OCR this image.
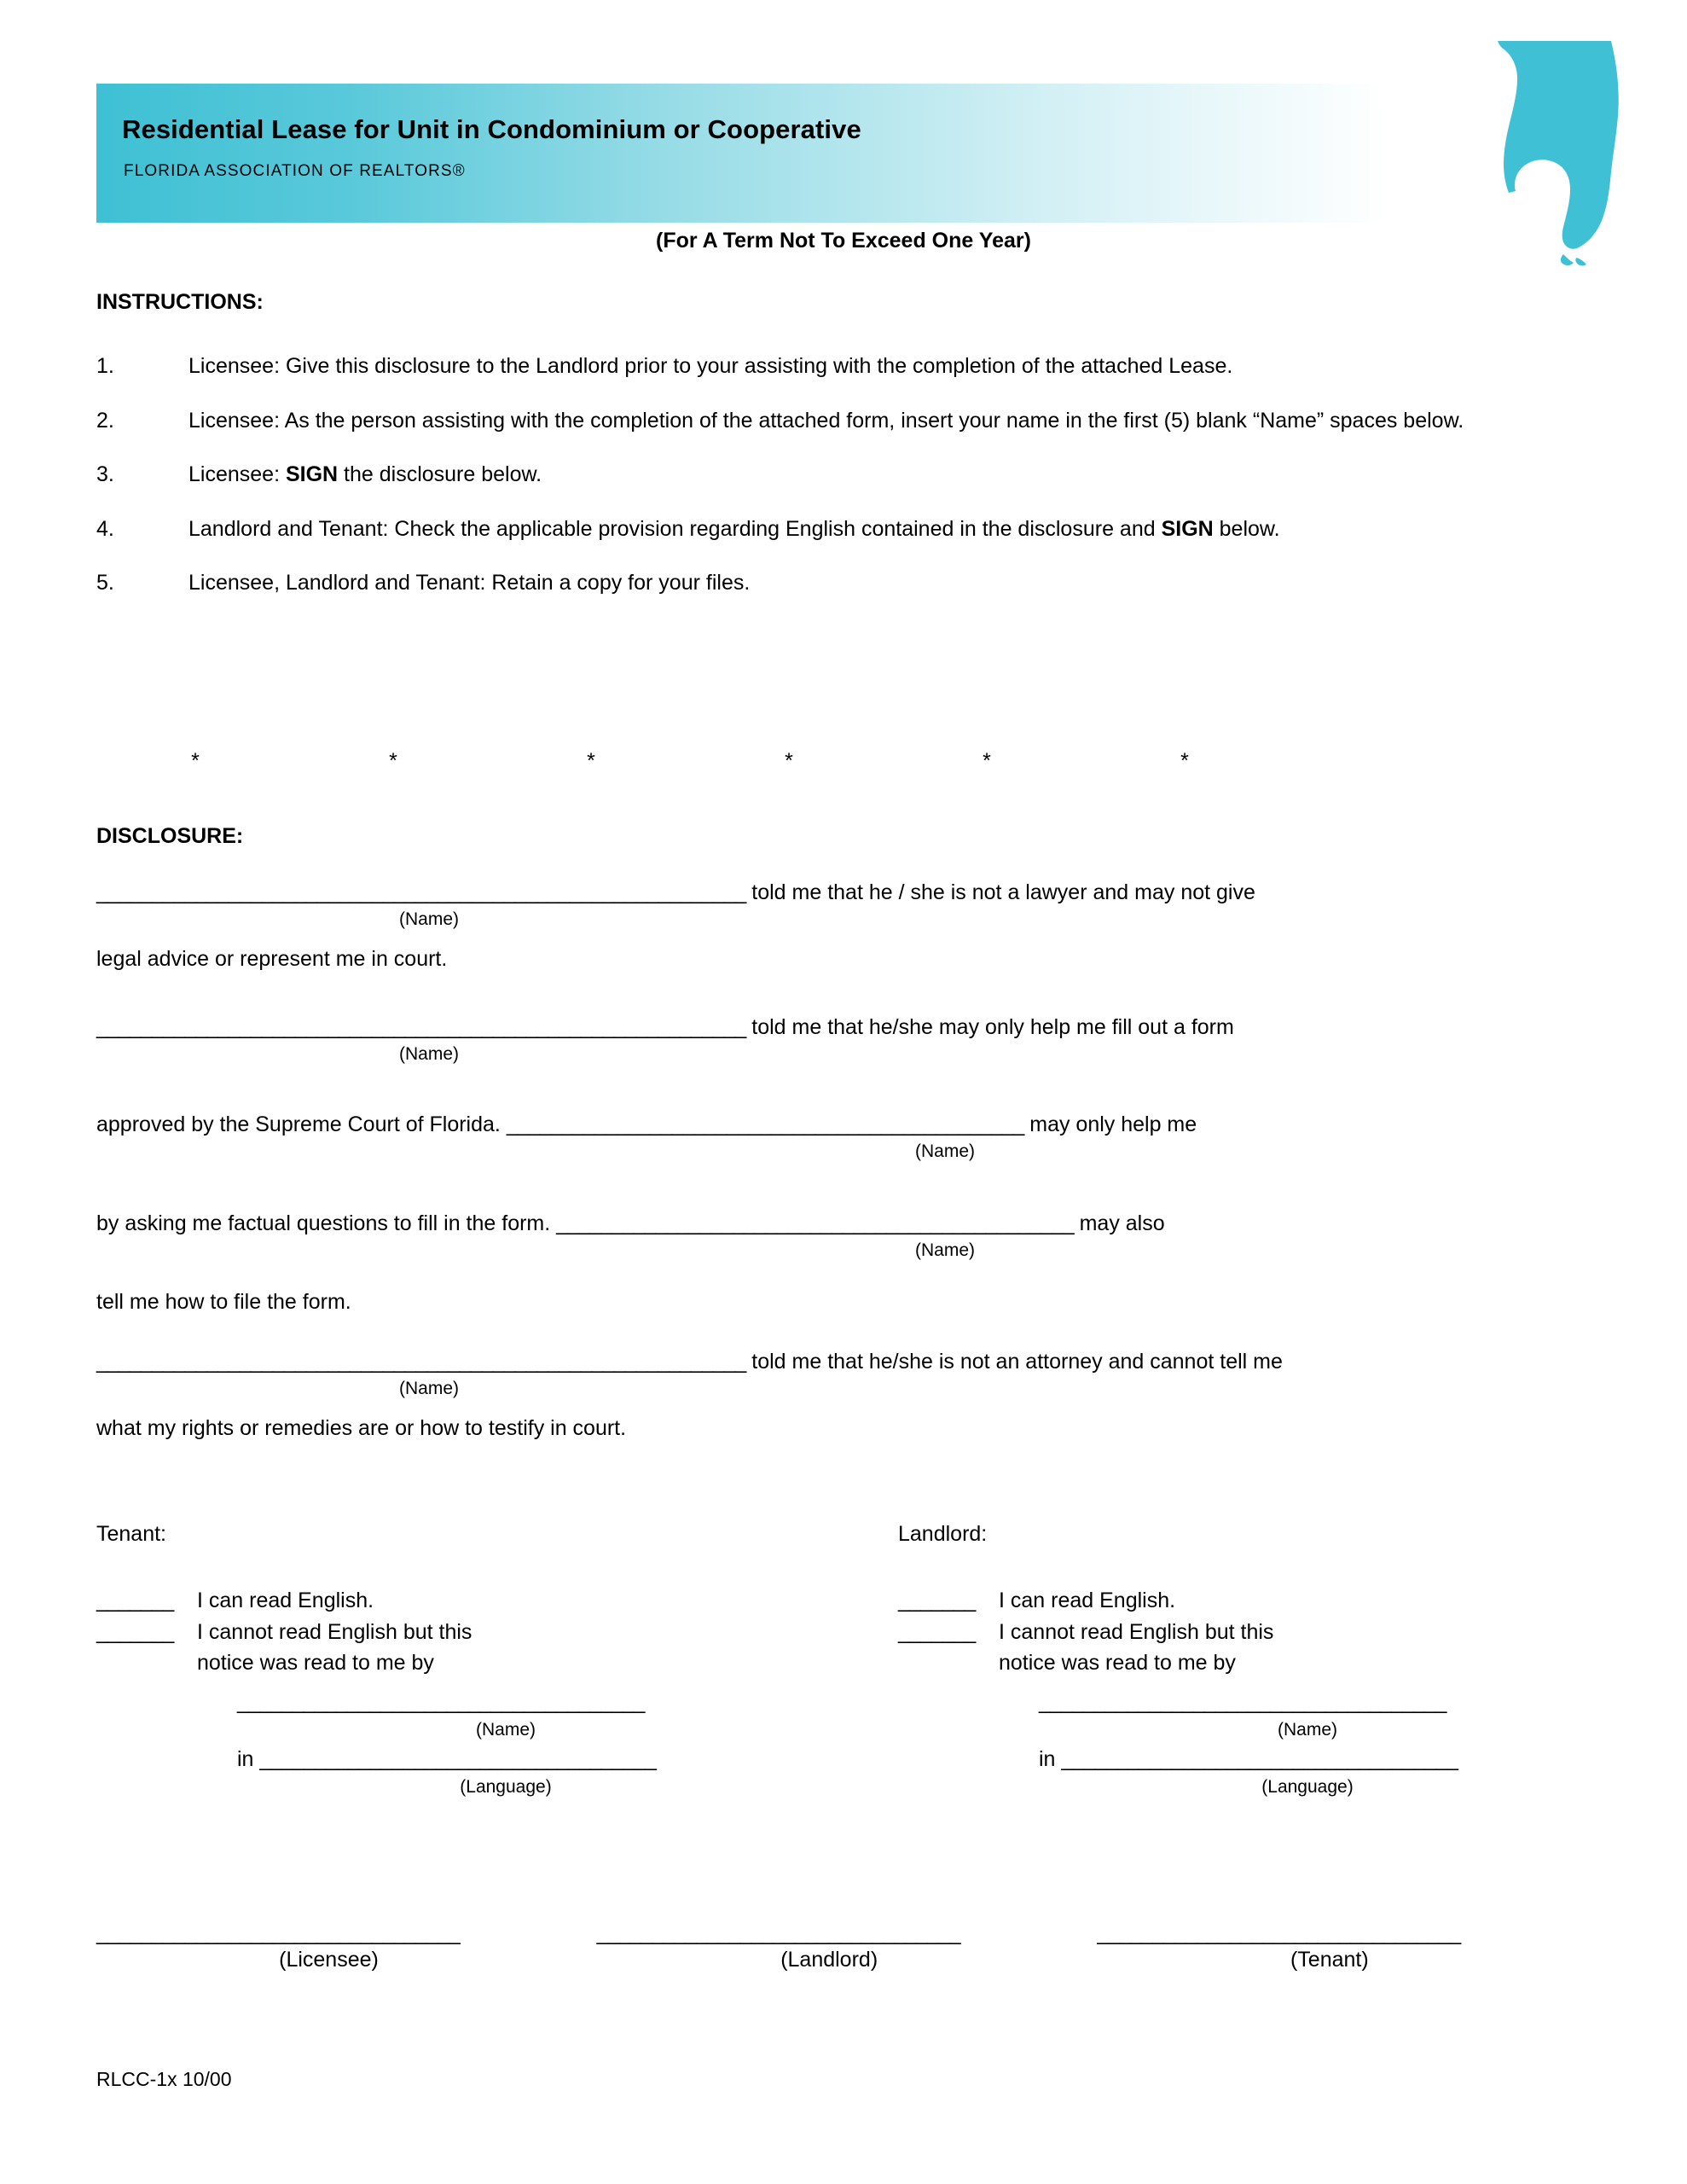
Residential Lease for Unit in Condominium or Cooperative
FLORIDA ASSOCIATION OF REALTORS®
(For A Term Not To Exceed One Year)
INSTRUCTIONS:
1.	Licensee: Give this disclosure to the Landlord prior to your assisting with the completion of the attached Lease.
2.	Licensee: As the person assisting with the completion of the attached form, insert your name in the first (5) blank “Name” spaces below.
3.	Licensee: SIGN the disclosure below.
4.	Landlord and Tenant: Check the applicable provision regarding English contained in the disclosure and SIGN below.
5.	Licensee, Landlord and Tenant: Retain a copy for your files.
*	*	*	*	*	*
DISCLOSURE:
___________________________________________________________ told me that he / she is not a lawyer and may not give
(Name)
legal advice or represent me in court.
___________________________________________________________ told me that he/she may only help me fill out a form
(Name)
approved by the Supreme Court of Florida. _______________________________________________ may only help me
(Name)
by asking me factual questions to fill in the form. _______________________________________________ may also
(Name)
tell me how to file the form.
___________________________________________________________ told me that he/she is not an attorney and cannot tell me
(Name)
what my rights or remedies are or how to testify in court.
Tenant:
_______	I can read English.
_______	I cannot read English but this
notice was read to me by
_____________________________________
(Name)
in ____________________________________
(Language)
Landlord:
_______	I can read English.
_______	I cannot read English but this
notice was read to me by
_____________________________________
(Name)
in ____________________________________
(Language)
_________________________________
(Licensee)
_________________________________
(Landlord)
_________________________________
(Tenant)
RLCC-1x 10/00
